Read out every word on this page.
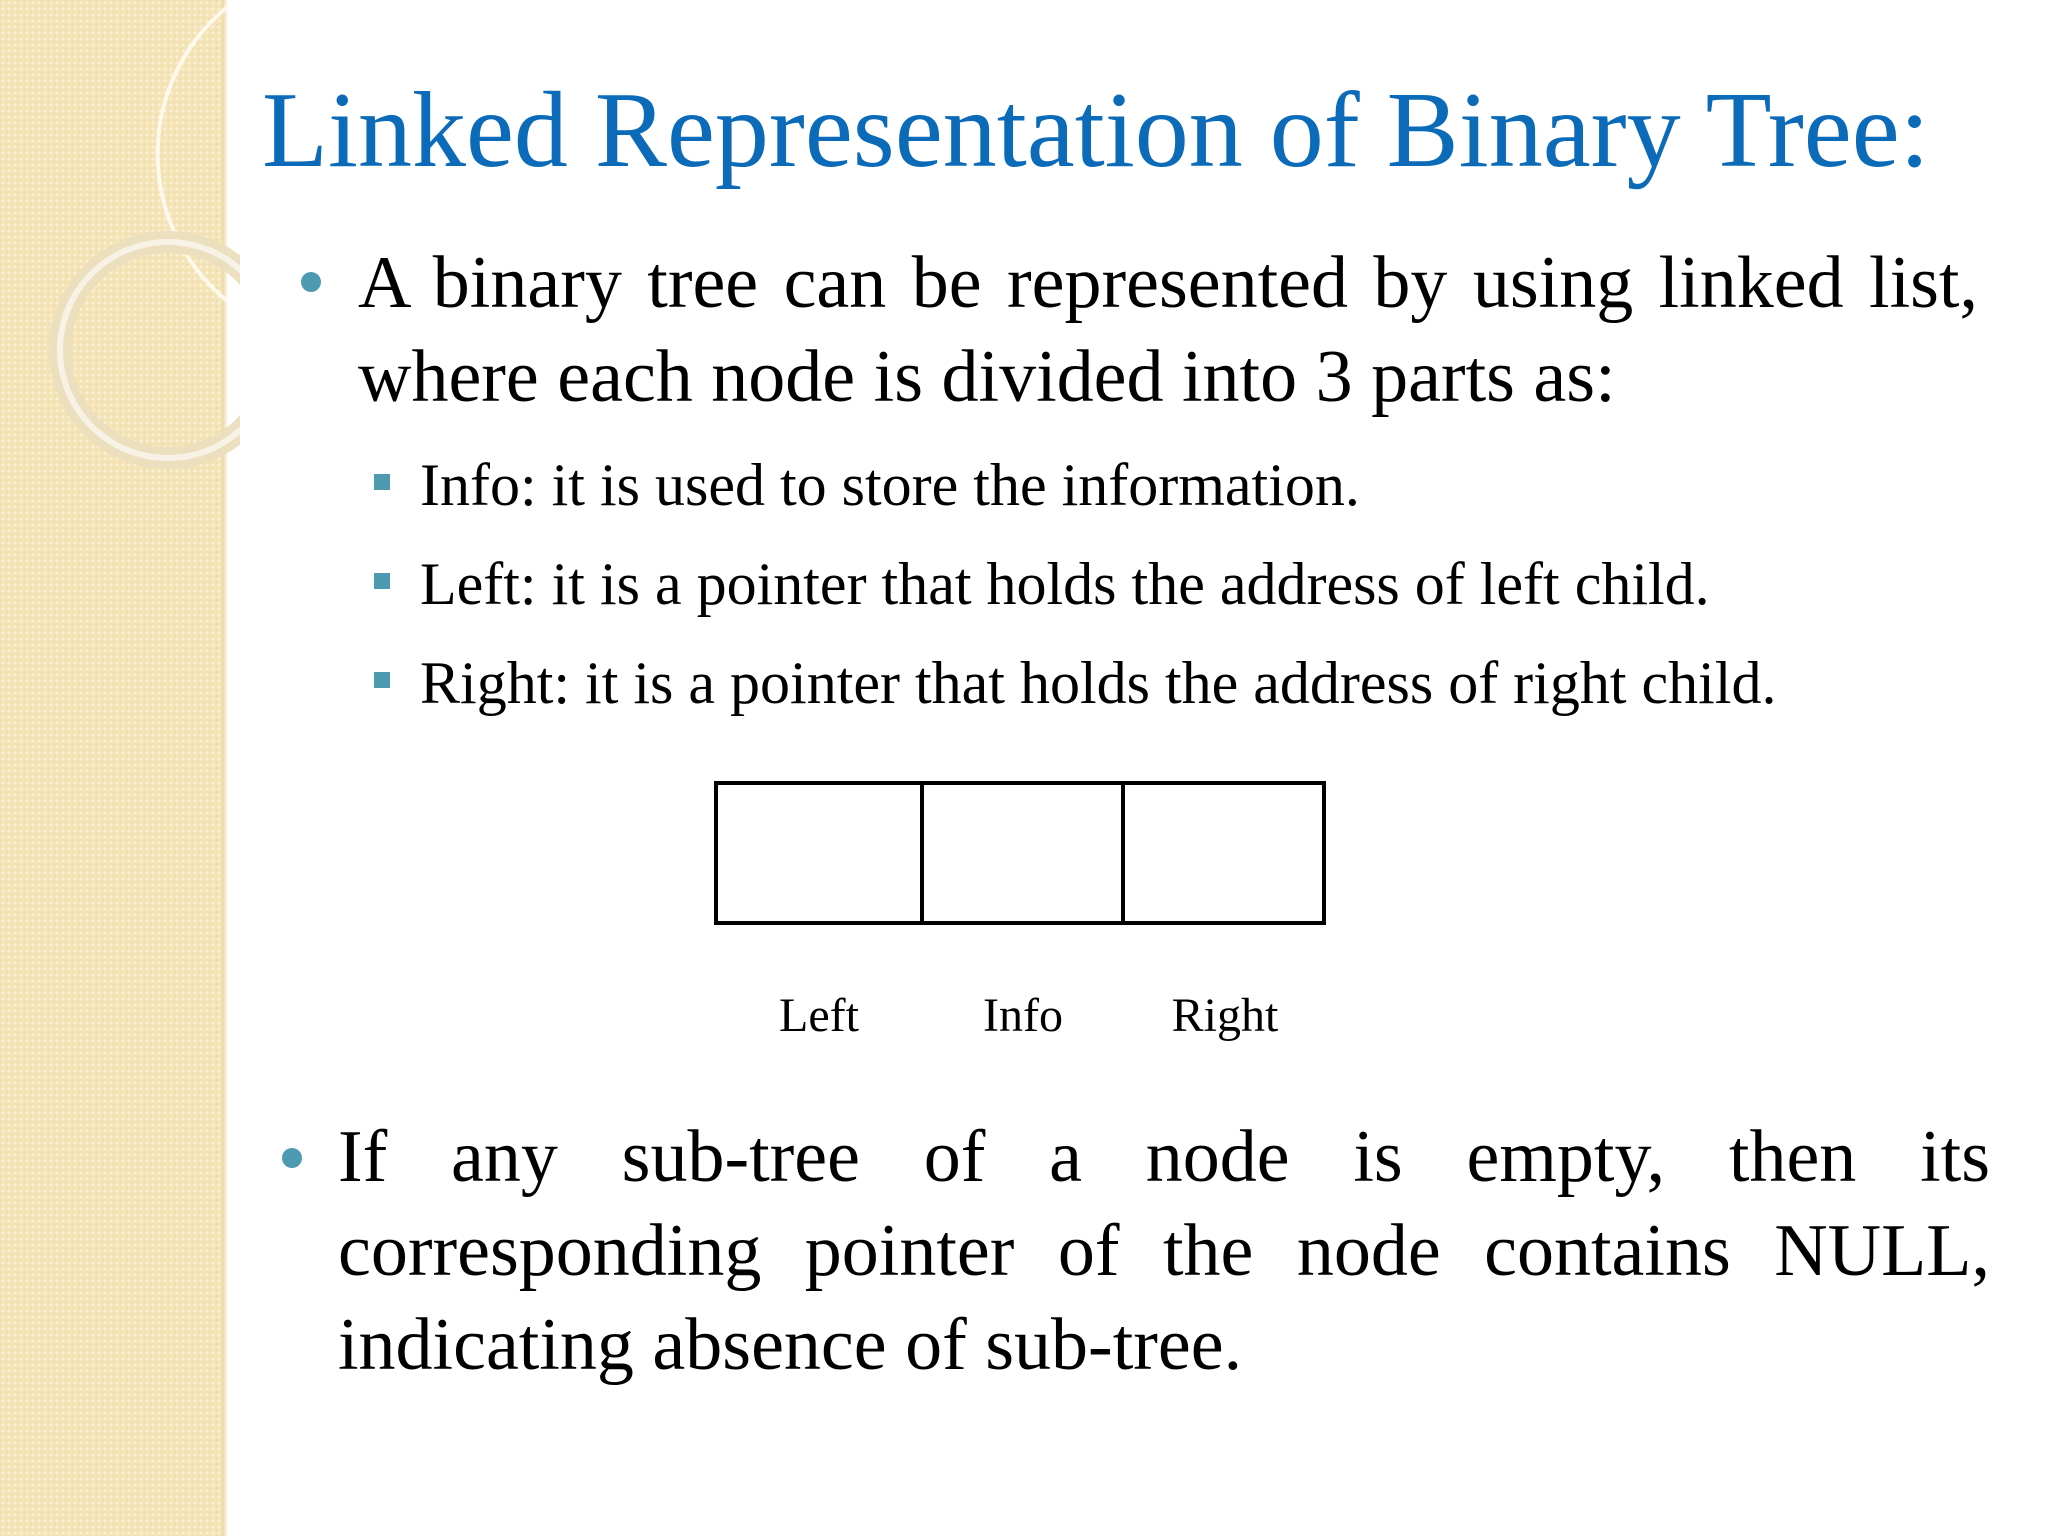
Linked Representation of Binary Tree:
A binary tree can be represented by using linked list, where each node is divided into 3 parts as:
Info: it is used to store the information.
Left: it is a pointer that holds the address of left child.
Right: it is a pointer that holds the address of right child.
Left	Info	Right
If any sub-tree of a node is empty, then its corresponding pointer of the node contains NULL, indicating absence of sub-tree.
